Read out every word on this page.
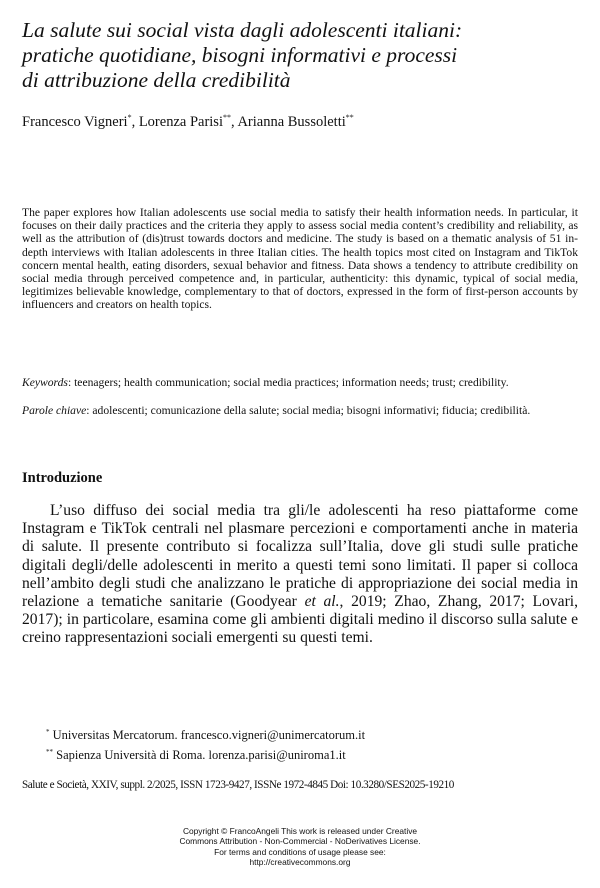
La salute sui social vista dagli adolescenti italiani:
pratiche quotidiane, bisogni informativi e processi
di attribuzione della credibilità
Francesco Vigneri*, Lorenza Parisi**, Arianna Bussoletti**

The paper explores how Italian adolescents use social media to satisfy their health information needs. In particular, it focuses on their daily practices and the criteria they apply to assess social media content’s credibility and reliability, as well as the attribution of (dis)trust towards doctors and medicine. The study is based on a thematic analysis of 51 in-depth interviews with Italian adolescents in three Italian cities. The health topics most cited on Instagram and TikTok concern mental health, eating disorders, sexual behavior and fitness. Data shows a tendency to attribute credibility on social media through perceived competence and, in particular, authenticity: this dynamic, typical of social media, legitimizes believable knowledge, complementary to that of doctors, expressed in the form of first-person accounts by influencers and creators on health topics.

Keywords: teenagers; health communication; social media practices; information needs; trust; credibility.

Parole chiave: adolescenti; comunicazione della salute; social media; bisogni informativi; fiducia; credibilità.

Introduzione

L’uso diffuso dei social media tra gli/le adolescenti ha reso piattaforme come Instagram e TikTok centrali nel plasmare percezioni e comportamenti anche in materia di salute. Il presente contributo si focalizza sull’Italia, dove gli studi sulle pratiche digitali degli/delle adolescenti in merito a questi temi sono limitati. Il paper si colloca nell’ambito degli studi che analizzano le pratiche di appropriazione dei social media in relazione a tematiche sanitarie (Goodyear et al., 2019; Zhao, Zhang, 2017; Lovari, 2017); in particolare, esamina come gli ambienti digitali medino il discorso sulla salute e creino rappresentazioni sociali emergenti su questi temi.

* Universitas Mercatorum. francesco.vigneri@unimercatorum.it
** Sapienza Università di Roma. lorenza.parisi@uniroma1.it
Salute e Società, XXIV, suppl. 2/2025, ISSN 1723-9427, ISSNe 1972-4845 Doi: 10.3280/SES2025-19210
Copyright © FrancoAngeli This work is released under Creative
Commons Attribution - Non-Commercial - NoDerivatives License.
For terms and conditions of usage please see:
http://creativecommons.org
